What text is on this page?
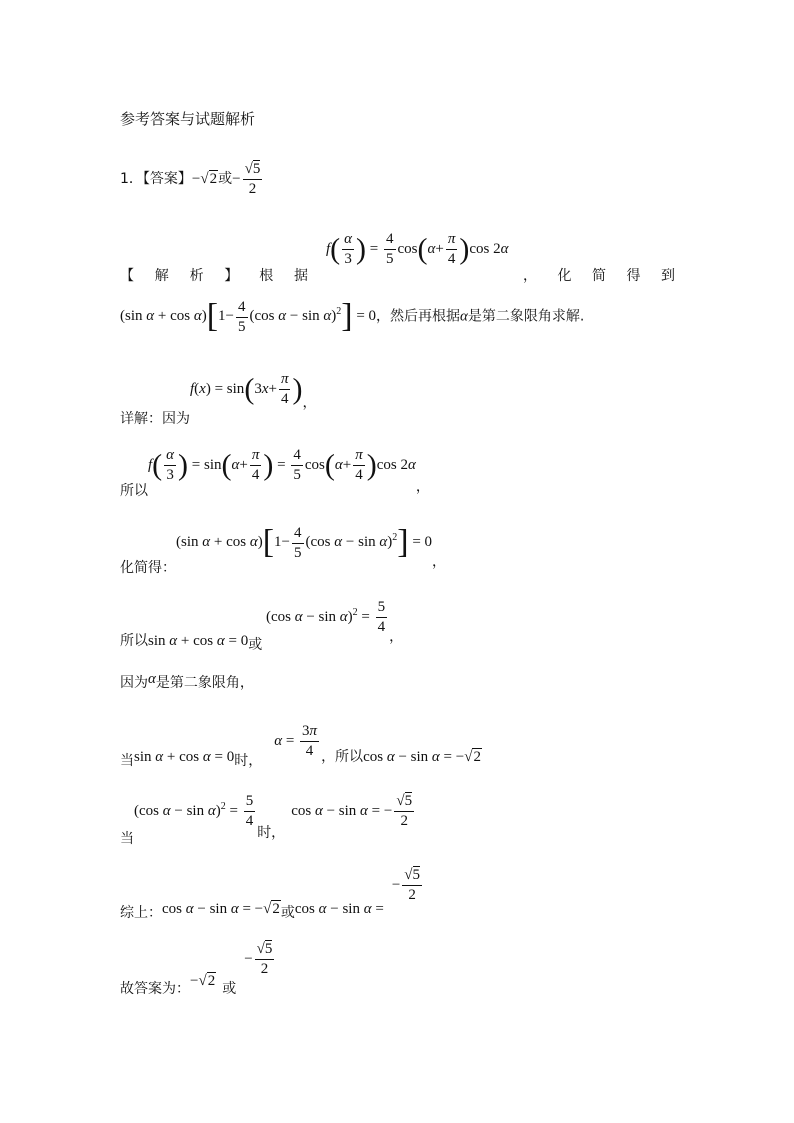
参考答案与试题解析
1．【答案】−√2或− $\frac{√5}{2}$
$f( \frac{\alpha}{3}$ ) = $\frac{4}{5} \cos(\alpha+ \frac{\pi}{4} )\cos$ 2α
【 解 析 】 根 据	， 化 简 得 到
(sin $\alpha + \cos \alpha)[1- \frac{4}{5} (\cos$ α − sin α)$^2$] = 0，然后再根据α是第二象限角求解.
详解：因为$f(x) = \sin(3x+ \frac{\pi}{4}$ )，
所以$f( \frac{\alpha}{3}$ ) = $\sin(\alpha+ \frac{\pi}{4}$ ) = $\frac{4}{5} \cos(\alpha+ \frac{\pi}{4} )\cos$ 2α，
化简得：(sin $\alpha + \cos \alpha)[1- \frac{4}{5} (\cos$ α − sin α)$^2$] = 0，
所以sin α + cos α = 0或 (cos $\alpha - \sin \alpha)^2 = \frac{5}{4}$
，
因为α是第二象限角，
当sin α + cos α = 0时，$\alpha = \frac{3\pi}{4}$ ，所以cos α − sin α = −√2
当(cos $\alpha - \sin \alpha)^2 = \frac{5}{4}$
时，cos α − sin α = − $\frac{√5}{2}$
综上：cos α − sin α = −√2或$\cos \alpha - \sin \alpha =- \frac{√5}{2}$
故答案为：−√2 或− $\frac{√5}{2}$
